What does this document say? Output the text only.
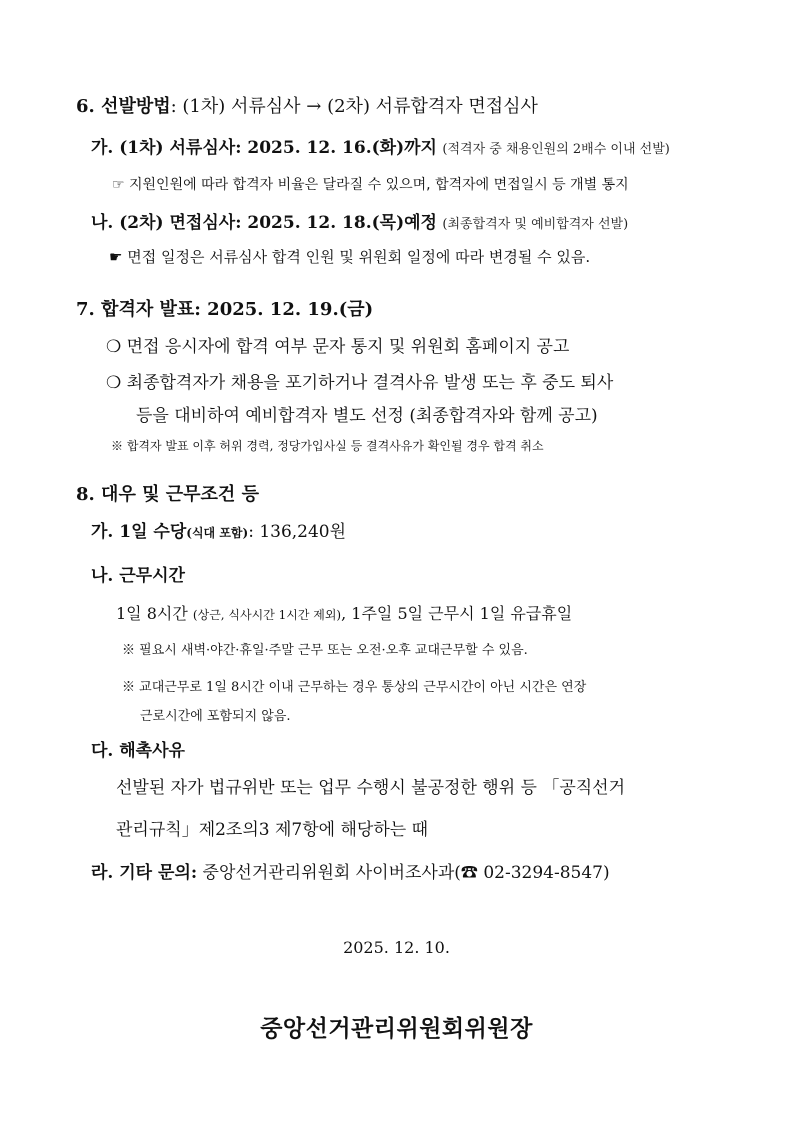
6. 선발방법: (1차) 서류심사 → (2차) 서류합격자 면접심사
가. (1차) 서류심사: 2025. 12. 16.(화)까지 (적격자 중 채용인원의 2배수 이내 선발)
☞ 지원인원에 따라 합격자 비율은 달라질 수 있으며, 합격자에 면접일시 등 개별 통지
나. (2차) 면접심사: 2025. 12. 18.(목)예정 (최종합격자 및 예비합격자 선발)
☛ 면접 일정은 서류심사 합격 인원 및 위원회 일정에 따라 변경될 수 있음.
7. 합격자 발표: 2025. 12. 19.(금)
❍ 면접 응시자에 합격 여부 문자 통지 및 위원회 홈페이지 공고
❍ 최종합격자가 채용을 포기하거나 결격사유 발생 또는 후 중도 퇴사
등을 대비하여 예비합격자 별도 선정 (최종합격자와 함께 공고)
※ 합격자 발표 이후 허위 경력, 정당가입사실 등 결격사유가 확인될 경우 합격 취소
8. 대우 및 근무조건 등
가. 1일 수당(식대 포함): 136,240원
나. 근무시간
1일 8시간 (상근, 식사시간 1시간 제외), 1주일 5일 근무시 1일 유급휴일
※ 필요시 새벽·야간·휴일·주말 근무 또는 오전·오후 교대근무할 수 있음.
※ 교대근무로 1일 8시간 이내 근무하는 경우 통상의 근무시간이 아닌 시간은 연장
근로시간에 포함되지 않음.
다. 해촉사유
선발된 자가 법규위반 또는 업무 수행시 불공정한 행위 등 「공직선거
관리규칙」제2조의3 제7항에 해당하는 때
라. 기타 문의: 중앙선거관리위원회 사이버조사과(☎ 02-3294-8547)
2025. 12. 10.
중앙선거관리위원회위원장
